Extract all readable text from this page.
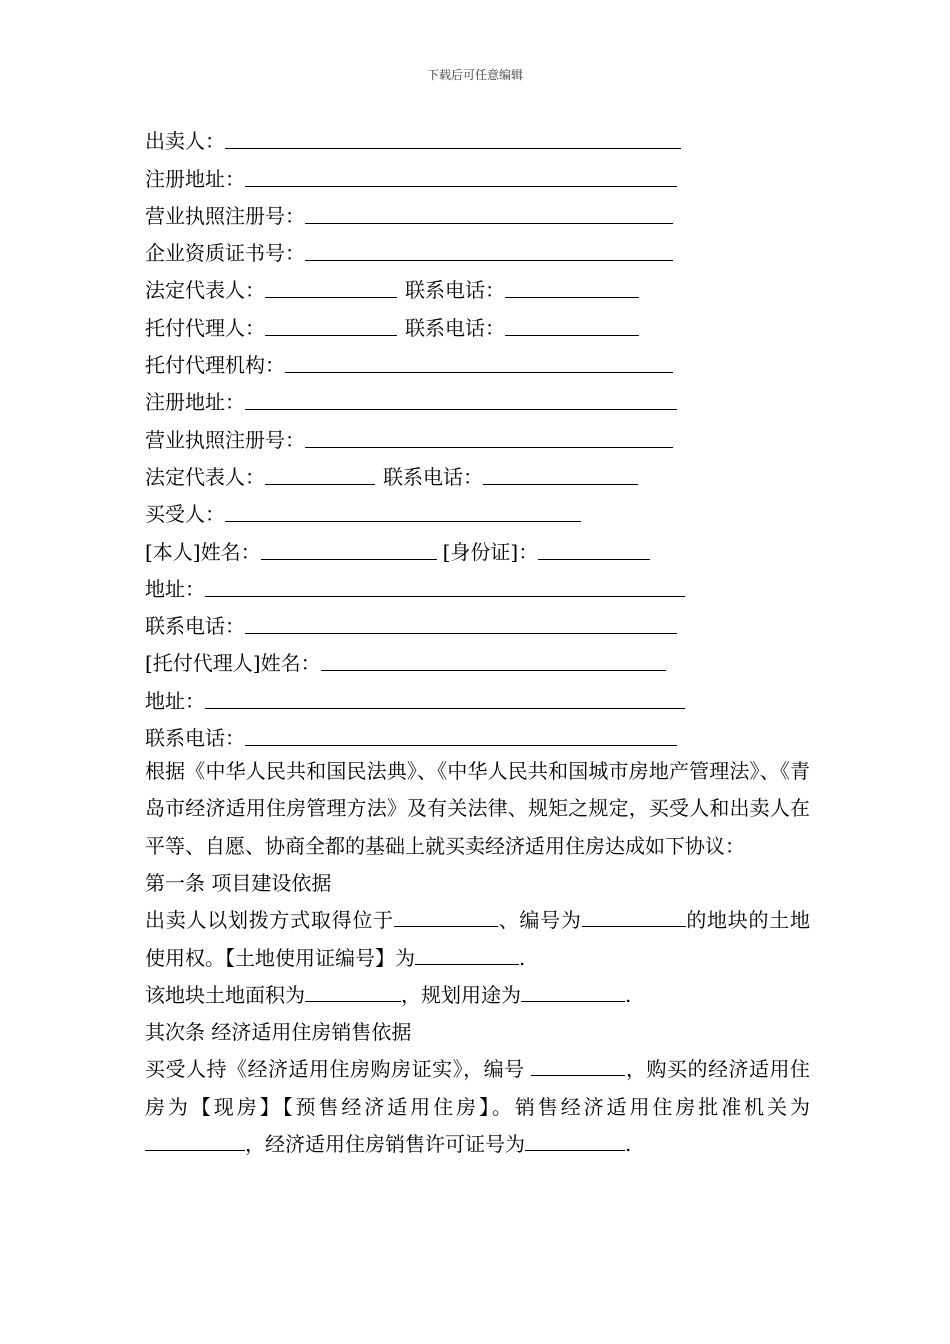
下载后可任意编辑
出卖人：
注册地址：
营业执照注册号：
企业资质证书号：
法定代表人：	联系电话：
托付代理人：	联系电话：
托付代理机构：
注册地址：
营业执照注册号：
法定代表人：	联系电话：
买受人：
[本人]姓名：	[身份证]：
地址：
联系电话：
[托付代理人]姓名：
地址：
联系电话：

根据《中华人民共和国民法典》、《中华人民共和国城市房地产管理法》、《青岛市经济适用住房管理方法》及有关法律、规矩之规定，买受人和出卖人在平等、自愿、协商全都的基础上就买卖经济适用住房达成如下协议：

第一条 项目建设依据

出卖人以划拨方式取得位于	、编号为	的地块的土地使用权。【土地使用证编号】为	.

该地块土地面积为	，规划用途为	.

其次条 经济适用住房销售依据

买受人持《经济适用住房购房证实》，编号	，购买的经济适用住房为【现房】【预售经济适用住房】。销售经济适用住房批准机关为，经济适用住房销售许可证号为	.
